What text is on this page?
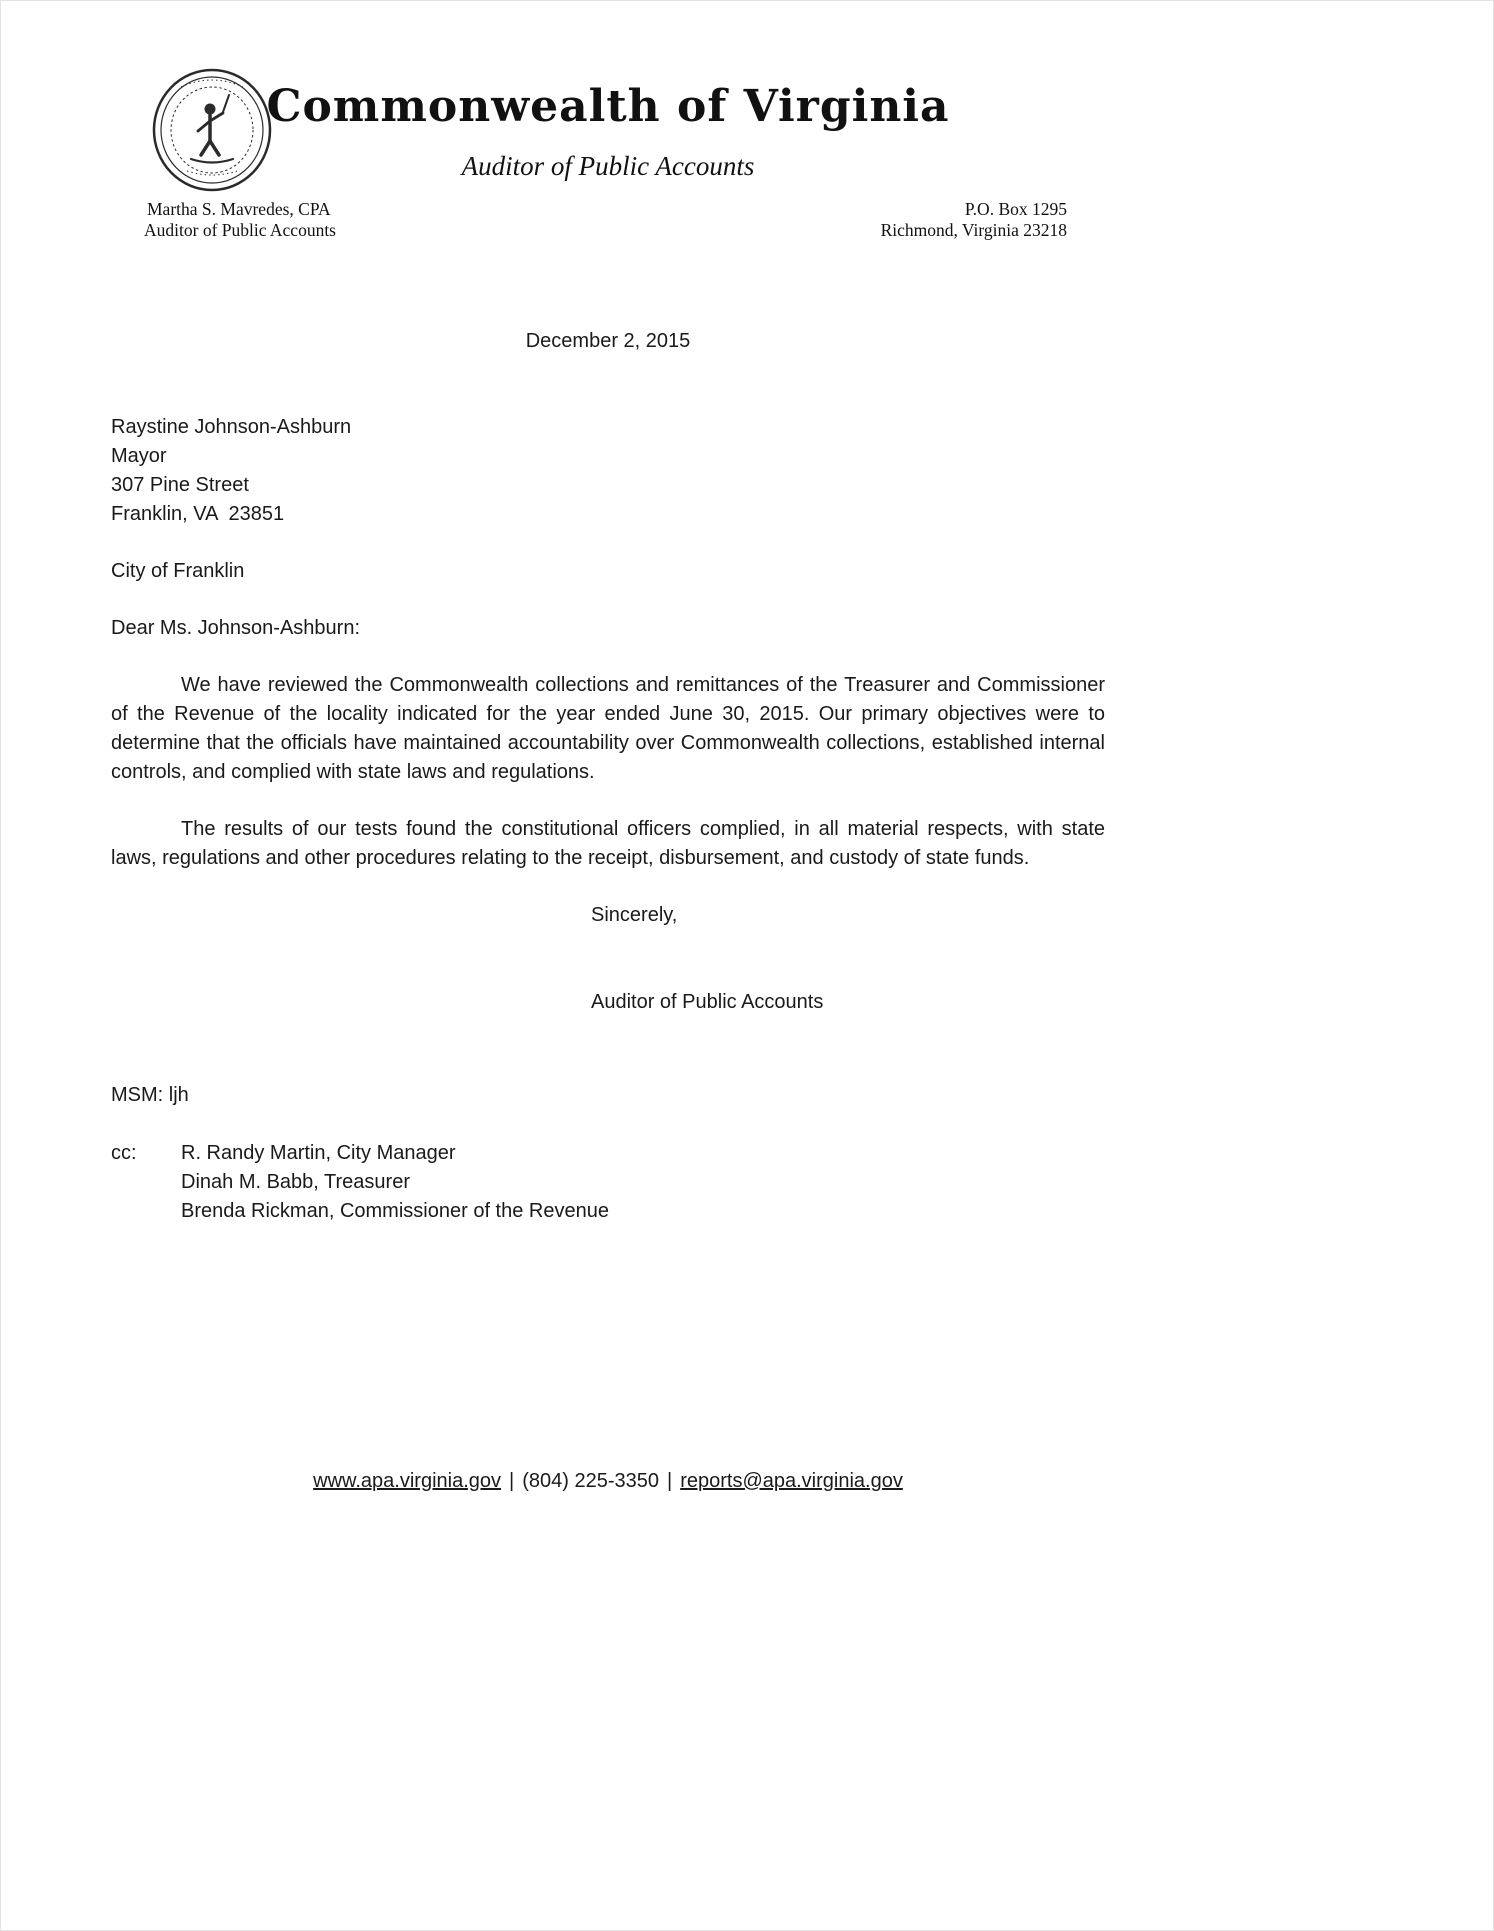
Commonwealth of Virginia
Auditor of Public Accounts
Martha S. Mavredes, CPA
Auditor of Public Accounts
P.O. Box 1295
Richmond, Virginia 23218
December 2, 2015
Raystine Johnson-Ashburn
Mayor
307 Pine Street
Franklin, VA  23851
City of Franklin
Dear Ms. Johnson-Ashburn:
We have reviewed the Commonwealth collections and remittances of the Treasurer and Commissioner of the Revenue of the locality indicated for the year ended June 30, 2015. Our primary objectives were to determine that the officials have maintained accountability over Commonwealth collections, established internal controls, and complied with state laws and regulations.
The results of our tests found the constitutional officers complied, in all material respects, with state laws, regulations and other procedures relating to the receipt, disbursement, and custody of state funds.
Sincerely,
Auditor of Public Accounts
MSM: ljh
cc:	R. Randy Martin, City Manager
Dinah M. Babb, Treasurer
Brenda Rickman, Commissioner of the Revenue
www.apa.virginia.gov | (804) 225-3350 | reports@apa.virginia.gov
